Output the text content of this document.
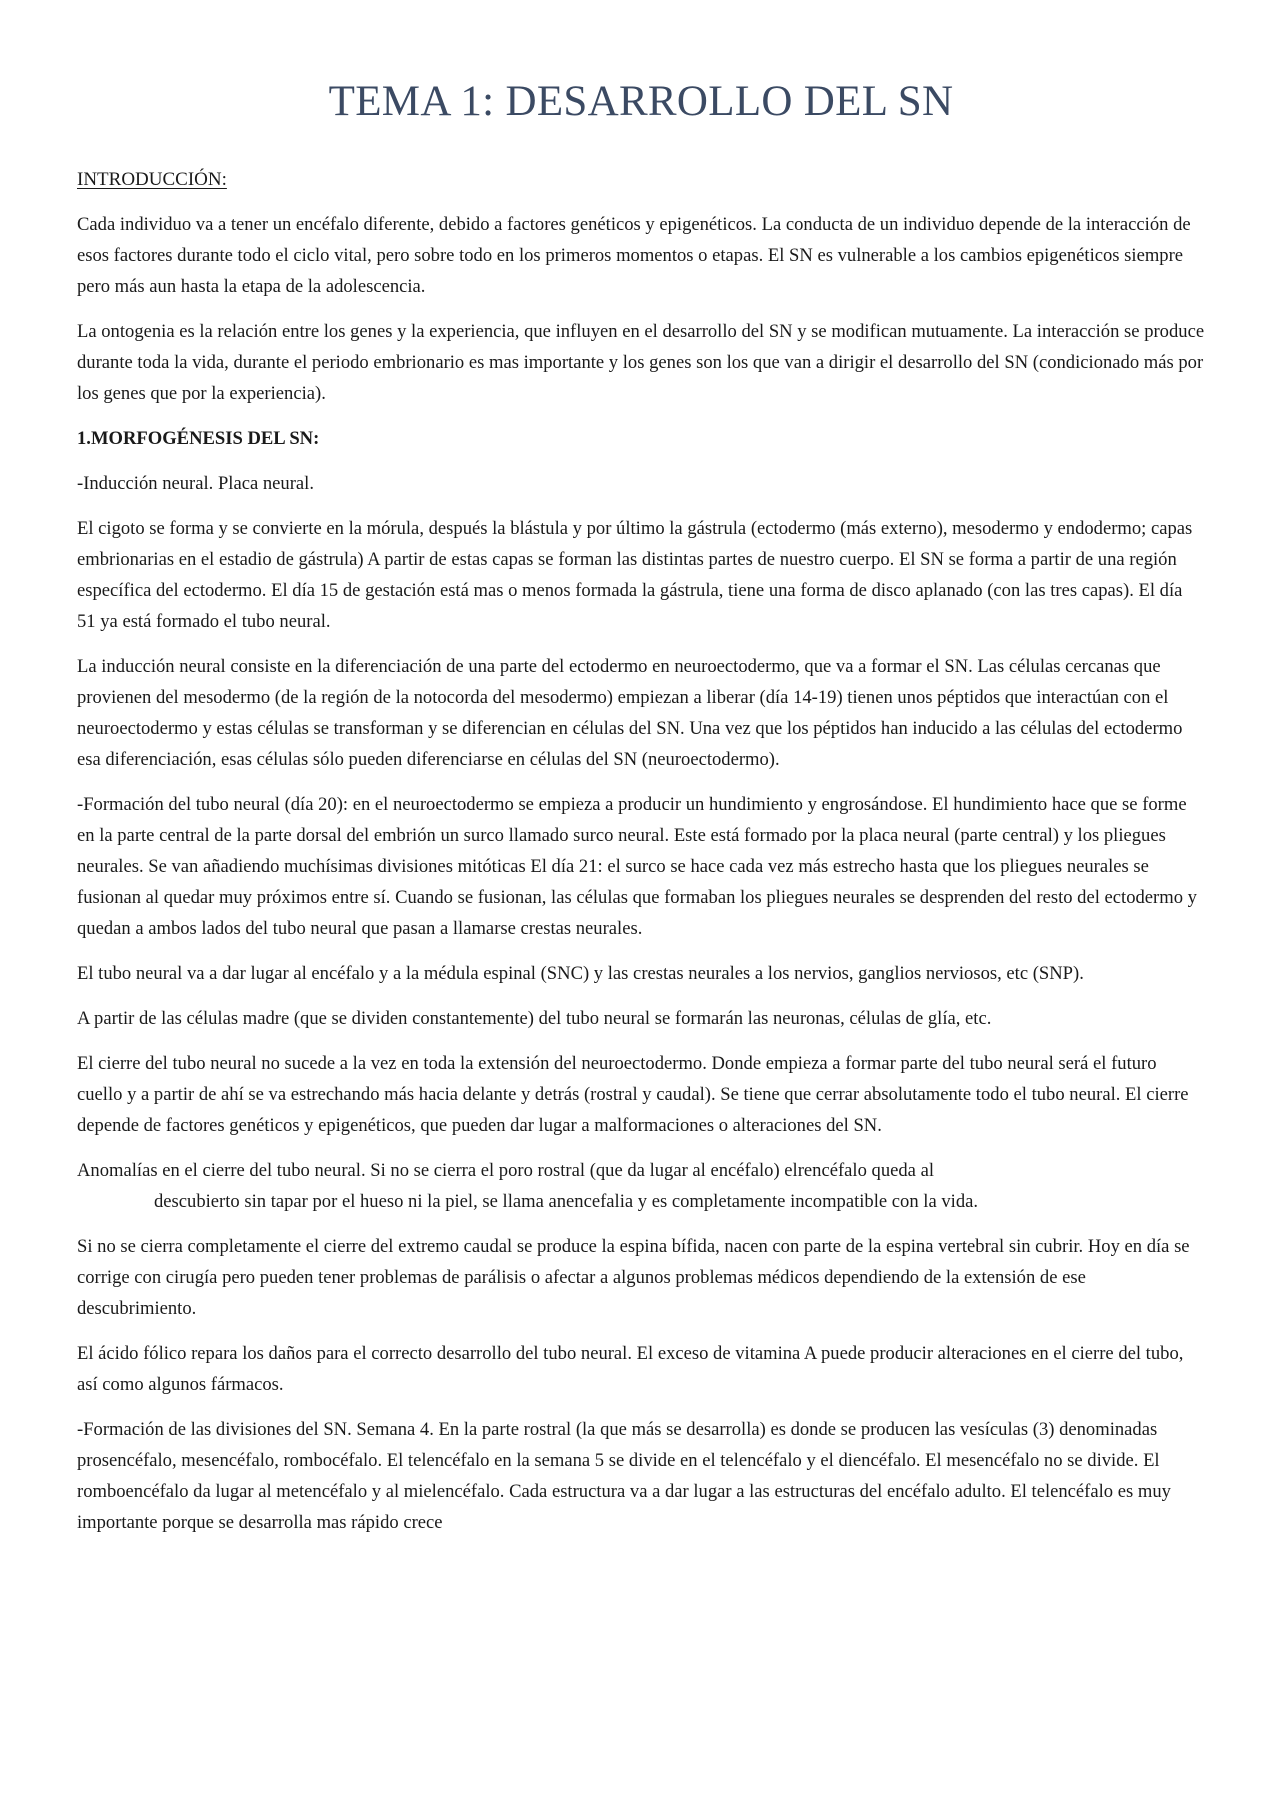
TEMA 1: DESARROLLO DEL SN
INTRODUCCIÓN:

Cada individuo va a tener un encéfalo diferente, debido a factores genéticos y epigenéticos. La conducta de un individuo depende de la interacción de esos factores durante todo el ciclo vital, pero sobre todo en los primeros momentos o etapas. El SN es vulnerable a los cambios epigenéticos siempre pero más aun hasta la etapa de la adolescencia.

La ontogenia es la relación entre los genes y la experiencia, que influyen en el desarrollo del SN y se modifican mutuamente. La interacción se produce durante toda la vida, durante el periodo embrionario es mas importante y los genes son los que van a dirigir el desarrollo del SN (condicionado más por los genes que por la experiencia).

1.MORFOGÉNESIS DEL SN:

-Inducción neural. Placa neural.

El cigoto se forma y se convierte en la mórula, después la blástula y por último la gástrula (ectodermo (más externo), mesodermo y endodermo; capas embrionarias en el estadio de gástrula) A partir de estas capas se forman las distintas partes de nuestro cuerpo. El SN se forma a partir de una región específica del ectodermo. El día 15 de gestación está mas o menos formada la gástrula, tiene una forma de disco aplanado (con las tres capas). El día 51 ya está formado el tubo neural.

La inducción neural consiste en la diferenciación de una parte del ectodermo en neuroectodermo, que va a formar el SN. Las células cercanas que provienen del mesodermo (de la región de la notocorda del mesodermo) empiezan a liberar (día 14-19) tienen unos péptidos que interactúan con el neuroectodermo y estas células se transforman y se diferencian en células del SN. Una vez que los péptidos han inducido a las células del ectodermo esa diferenciación, esas células sólo pueden diferenciarse en células del SN (neuroectodermo).

-Formación del tubo neural (día 20): en el neuroectodermo se empieza a producir un hundimiento y engrosándose. El hundimiento hace que se forme en la parte central de la parte dorsal del embrión un surco llamado surco neural. Este está formado por la placa neural (parte central) y los pliegues neurales. Se van añadiendo muchísimas divisiones mitóticas El día 21: el surco se hace cada vez más estrecho hasta que los pliegues neurales se fusionan al quedar muy próximos entre sí. Cuando se fusionan, las células que formaban los pliegues neurales se desprenden del resto del ectodermo y quedan a ambos lados del tubo neural que pasan a llamarse crestas neurales.

El tubo neural va a dar lugar al encéfalo y a la médula espinal (SNC) y las crestas neurales a los nervios, ganglios nerviosos, etc (SNP).

A partir de las células madre (que se dividen constantemente) del tubo neural se formarán las neuronas, células de glía, etc.

El cierre del tubo neural no sucede a la vez en toda la extensión del neuroectodermo. Donde empieza a formar parte del tubo neural será el futuro cuello y a partir de ahí se va estrechando más hacia delante y detrás (rostral y caudal). Se tiene que cerrar absolutamente todo el tubo neural. El cierre depende de factores genéticos y epigenéticos, que pueden dar lugar a malformaciones o alteraciones del SN.

Anomalías en el cierre del tubo neural. Si no se cierra el poro rostral (que da lugar al encéfalo) elrencéfalo queda al
descubierto sin tapar por el hueso ni la piel, se llama anencefalia y es completamente incompatible con la vida.

Si no se cierra completamente el cierre del extremo caudal se produce la espina bífida, nacen con parte de la espina vertebral sin cubrir. Hoy en día se corrige con cirugía pero pueden tener problemas de parálisis o afectar a algunos problemas médicos dependiendo de la extensión de ese descubrimiento.

El ácido fólico repara los daños para el correcto desarrollo del tubo neural. El exceso de vitamina A puede producir alteraciones en el cierre del tubo, así como algunos fármacos.

-Formación de las divisiones del SN. Semana 4. En la parte rostral (la que más se desarrolla) es donde se producen las vesículas (3) denominadas prosencéfalo, mesencéfalo, rombocéfalo. El telencéfalo en la semana 5 se divide en el telencéfalo y el diencéfalo. El mesencéfalo no se divide. El romboencéfalo da lugar al metencéfalo y al mielencéfalo. Cada estructura va a dar lugar a las estructuras del encéfalo adulto. El telencéfalo es muy importante porque se desarrolla mas rápido crece
